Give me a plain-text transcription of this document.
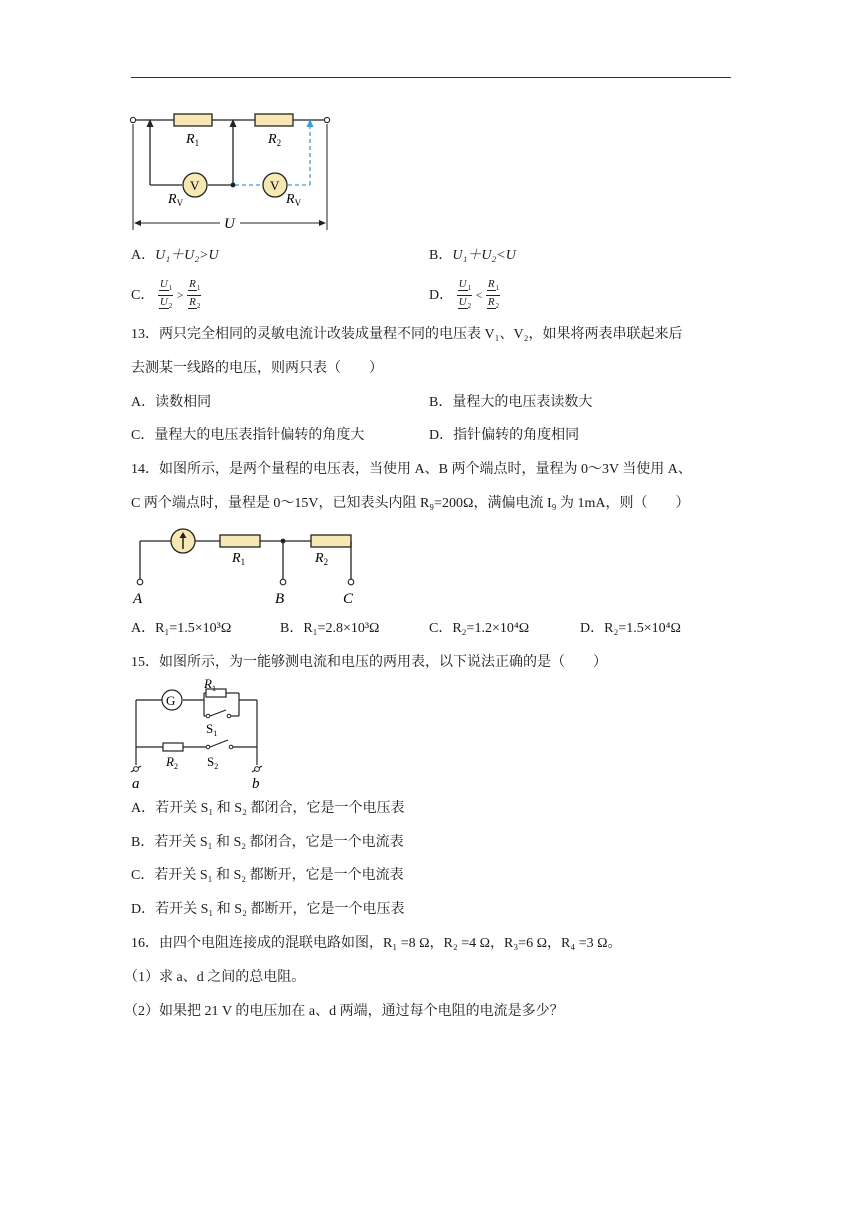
$R_1$	$R_2$
V	V
$R_V$	$R_V$
U
A．U₁＋U₂>U	B．U₁＋U₂<U
C． $\frac{U_1}{U_2} > \frac{R_1}{R_2}$	D． $\frac{U_1}{U_2} < \frac{R_1}{R_2}$
13．两只完全相同的灵敏电流计改装成量程不同的电压表 V₁、V₂，如果将两表串联起来后
去测某一线路的电压，则两只表（　　）
A．读数相同	B．量程大的电压表读数大
C．量程大的电压表指针偏转的角度大	D．指针偏转的角度相同
14．如图所示，是两个量程的电压表，当使用 A、B 两个端点时，量程为 0～3V 当使用 A、
C 两个端点时，量程是 0～15V，已知表头内阻 R₉=200Ω，满偏电流 I₉ 为 1mA，则（　　）
$R_1$	$R_2$
A	B	C
A．R₁=1.5×10³Ω	B．R₁=2.8×10³Ω	C．R₂=1.2×10⁴Ω	D．R₂=1.5×10⁴Ω
15．如图所示，为一能够测电流和电压的两用表，以下说法正确的是（　　）
G
$R_1$
$S_1$
$R_2$ $S_2$
a	b
A．若开关 S₁ 和 S₂ 都闭合，它是一个电压表
B．若开关 S₁ 和 S₂ 都闭合，它是一个电流表
C．若开关 S₁ 和 S₂ 都断开，它是一个电流表
D．若开关 S₁ 和 S₂ 都断开，它是一个电压表
16．由四个电阻连接成的混联电路如图，R₁ =8 Ω，R₂ =4 Ω，R₃=6 Ω，R₄ =3 Ω。
（1）求 a、d 之间的总电阻。
（2）如果把 21 V 的电压加在 a、d 两端，通过每个电阻的电流是多少？
